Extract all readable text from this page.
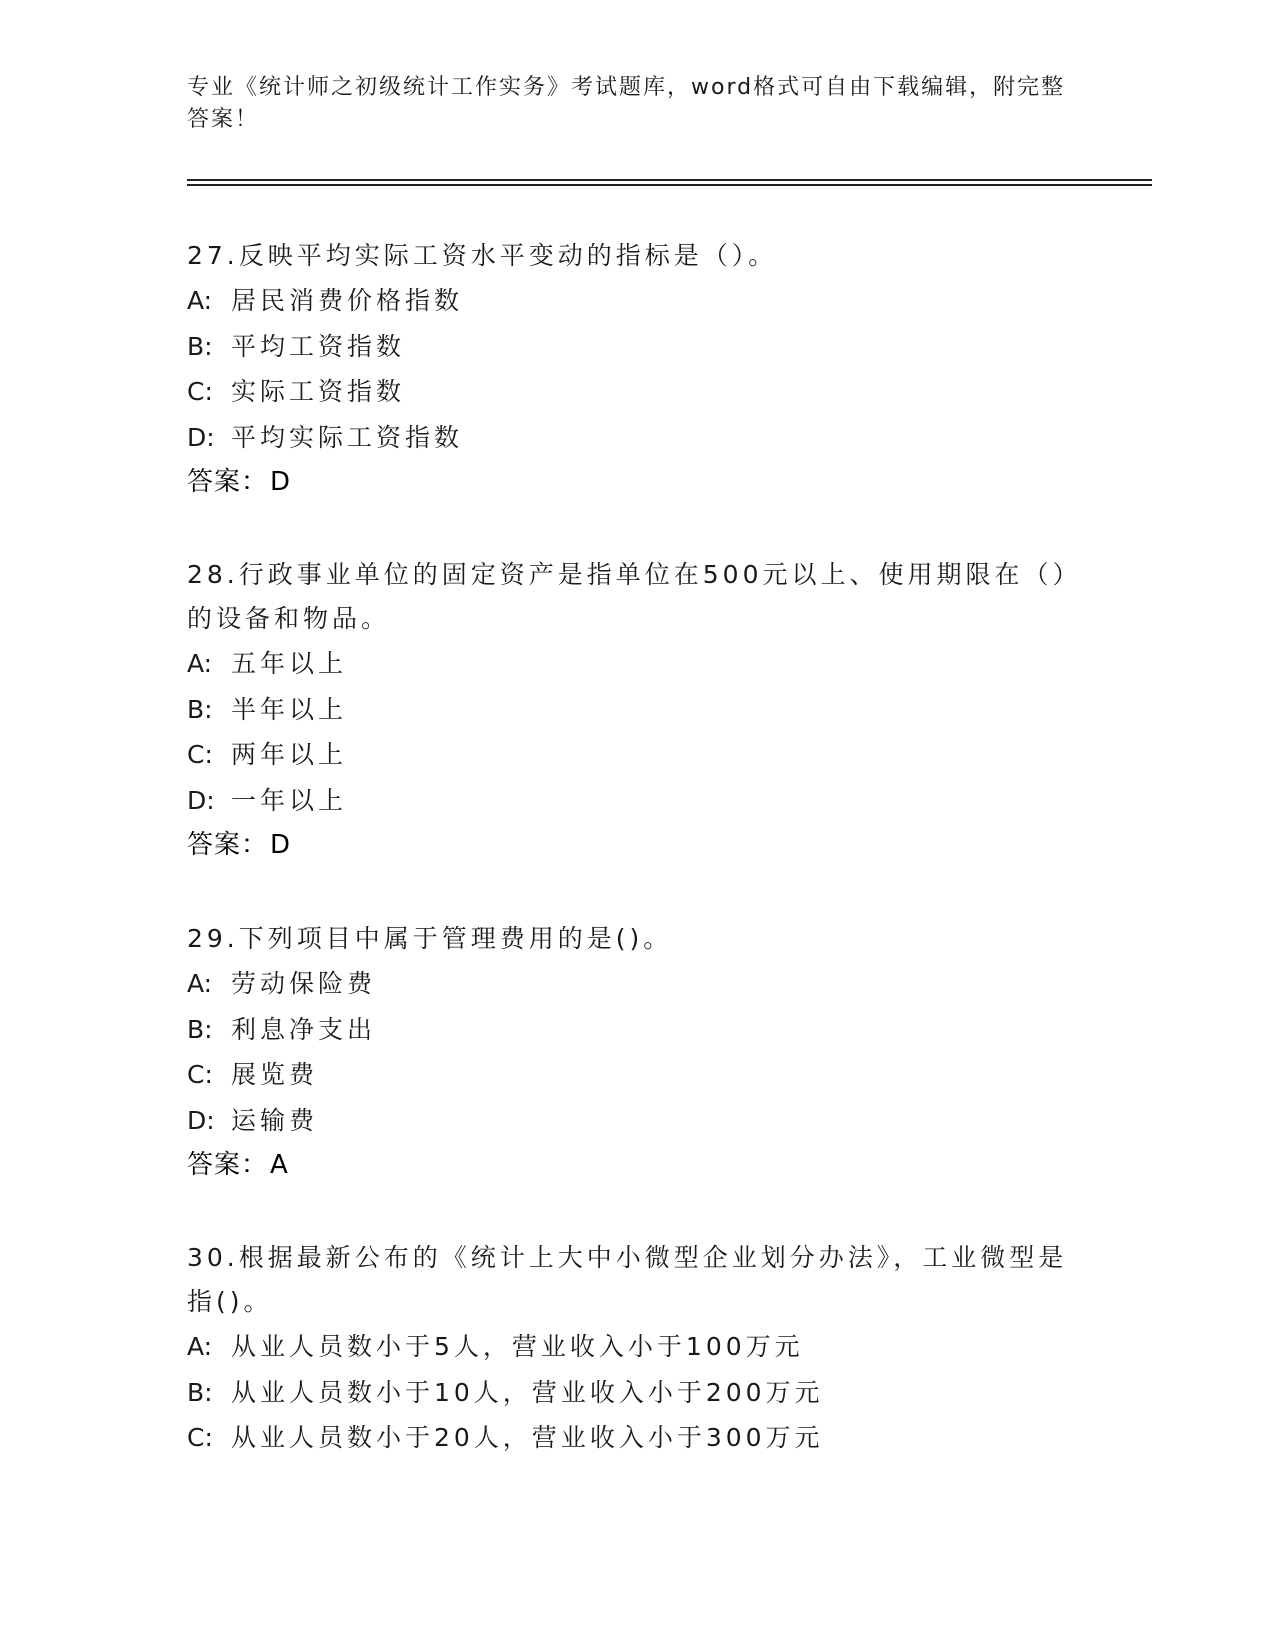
专业《统计师之初级统计工作实务》考试题库，word格式可自由下载编辑，附完整答案！

27.反映平均实际工资水平变动的指标是（）。

A: 居民消费价格指数

B: 平均工资指数

C: 实际工资指数

D: 平均实际工资指数

答案：D

28.行政事业单位的固定资产是指单位在500元以上、使用期限在（）的设备和物品。

A: 五年以上

B: 半年以上

C: 两年以上

D: 一年以上

答案：D

29.下列项目中属于管理费用的是()。

A: 劳动保险费

B: 利息净支出

C: 展览费

D: 运输费

答案：A

30.根据最新公布的《统计上大中小微型企业划分办法》，工业微型是指()。

A: 从业人员数小于5人，营业收入小于100万元

B: 从业人员数小于10人，营业收入小于200万元

C: 从业人员数小于20人，营业收入小于300万元
